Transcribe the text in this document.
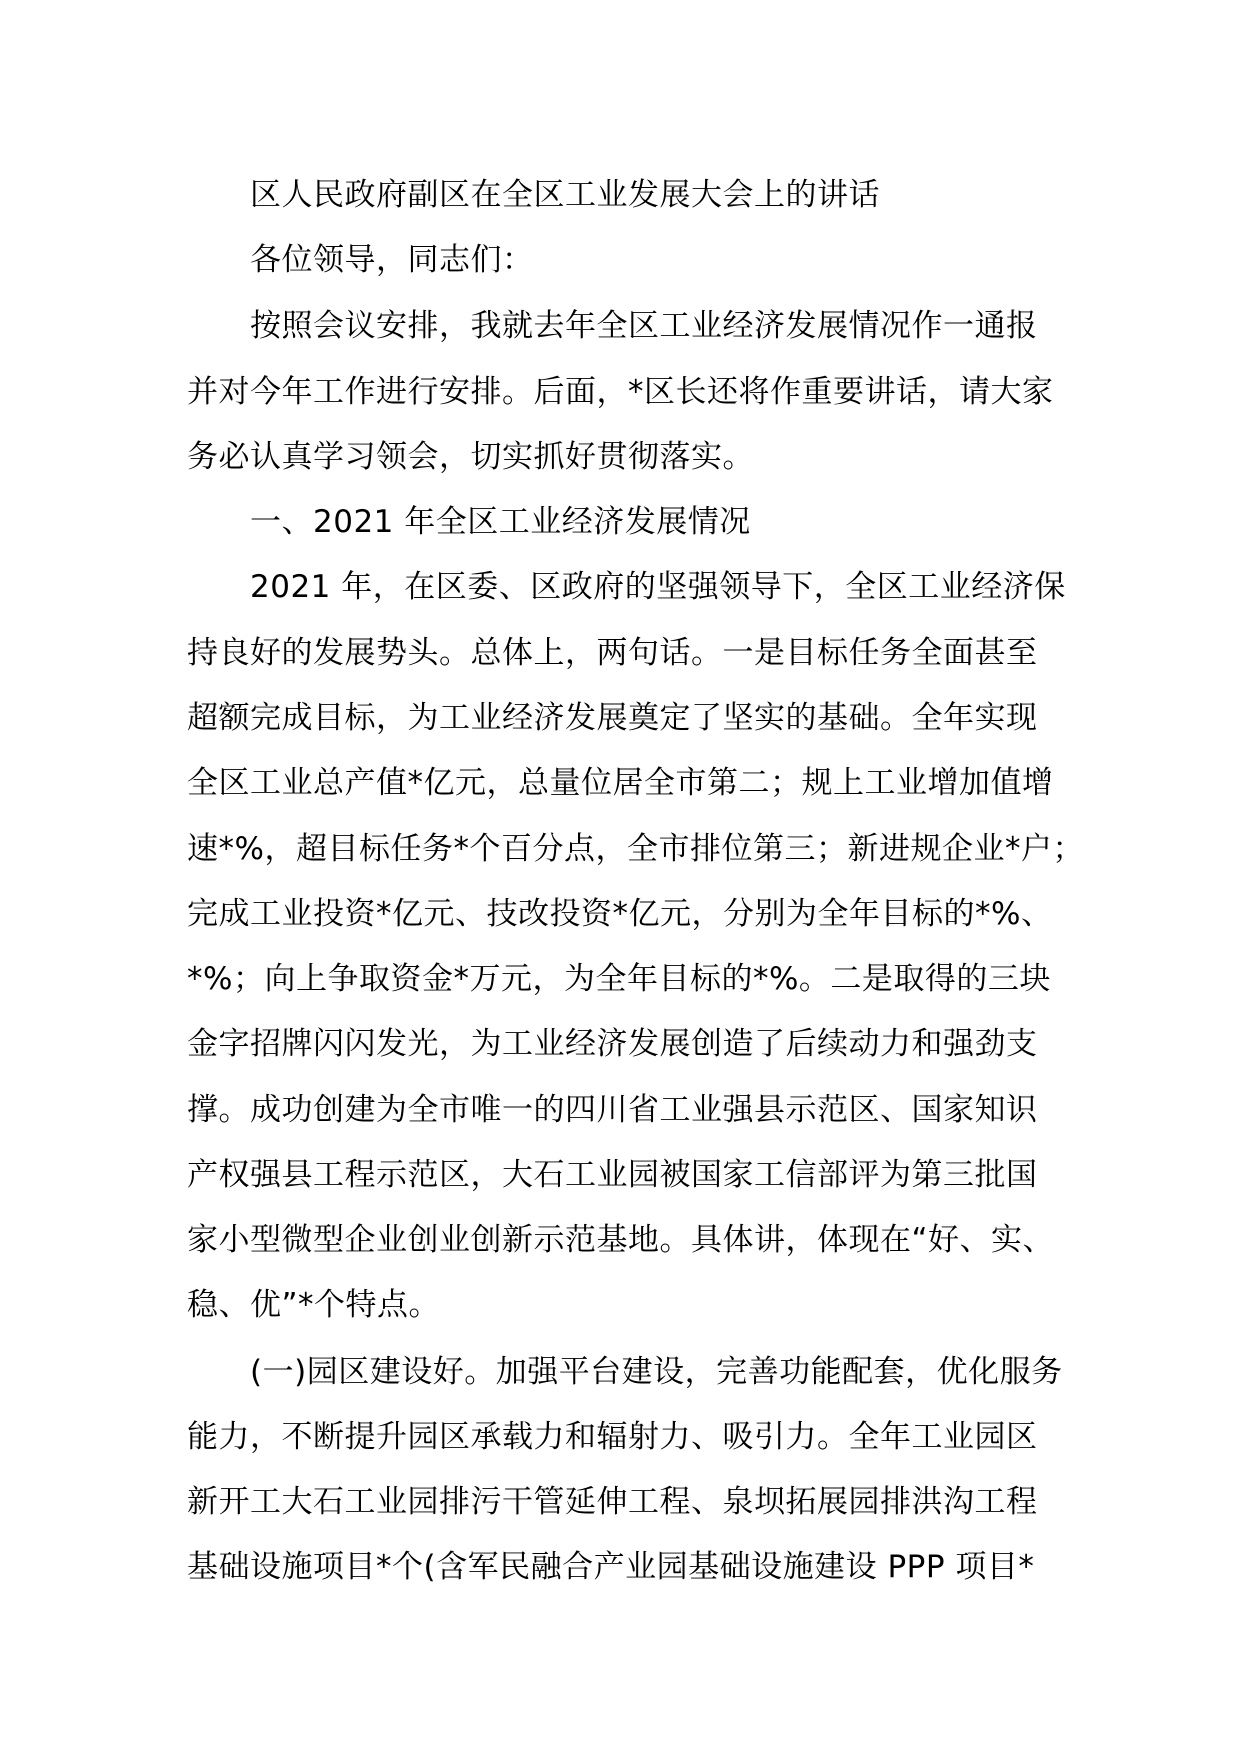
区人民政府副区在全区工业发展大会上的讲话
各位领导，同志们：
按照会议安排，我就去年全区工业经济发展情况作一通报
并对今年工作进行安排。后面，*区长还将作重要讲话，请大家
务必认真学习领会，切实抓好贯彻落实。
一、2021 年全区工业经济发展情况
2021 年，在区委、区政府的坚强领导下，全区工业经济保
持良好的发展势头。总体上，两句话。一是目标任务全面甚至
超额完成目标，为工业经济发展奠定了坚实的基础。全年实现
全区工业总产值*亿元，总量位居全市第二；规上工业增加值增
速*%，超目标任务*个百分点，全市排位第三；新进规企业*户；
完成工业投资*亿元、技改投资*亿元，分别为全年目标的*%、
*%；向上争取资金*万元，为全年目标的*%。二是取得的三块
金字招牌闪闪发光，为工业经济发展创造了后续动力和强劲支
撑。成功创建为全市唯一的四川省工业强县示范区、国家知识
产权强县工程示范区，大石工业园被国家工信部评为第三批国
家小型微型企业创业创新示范基地。具体讲，体现在“好、实、
稳、优”*个特点。
(一)园区建设好。加强平台建设，完善功能配套，优化服务
能力，不断提升园区承载力和辐射力、吸引力。全年工业园区
新开工大石工业园排污干管延伸工程、泉坝拓展园排洪沟工程
基础设施项目*个(含军民融合产业园基础设施建设 PPP 项目*
